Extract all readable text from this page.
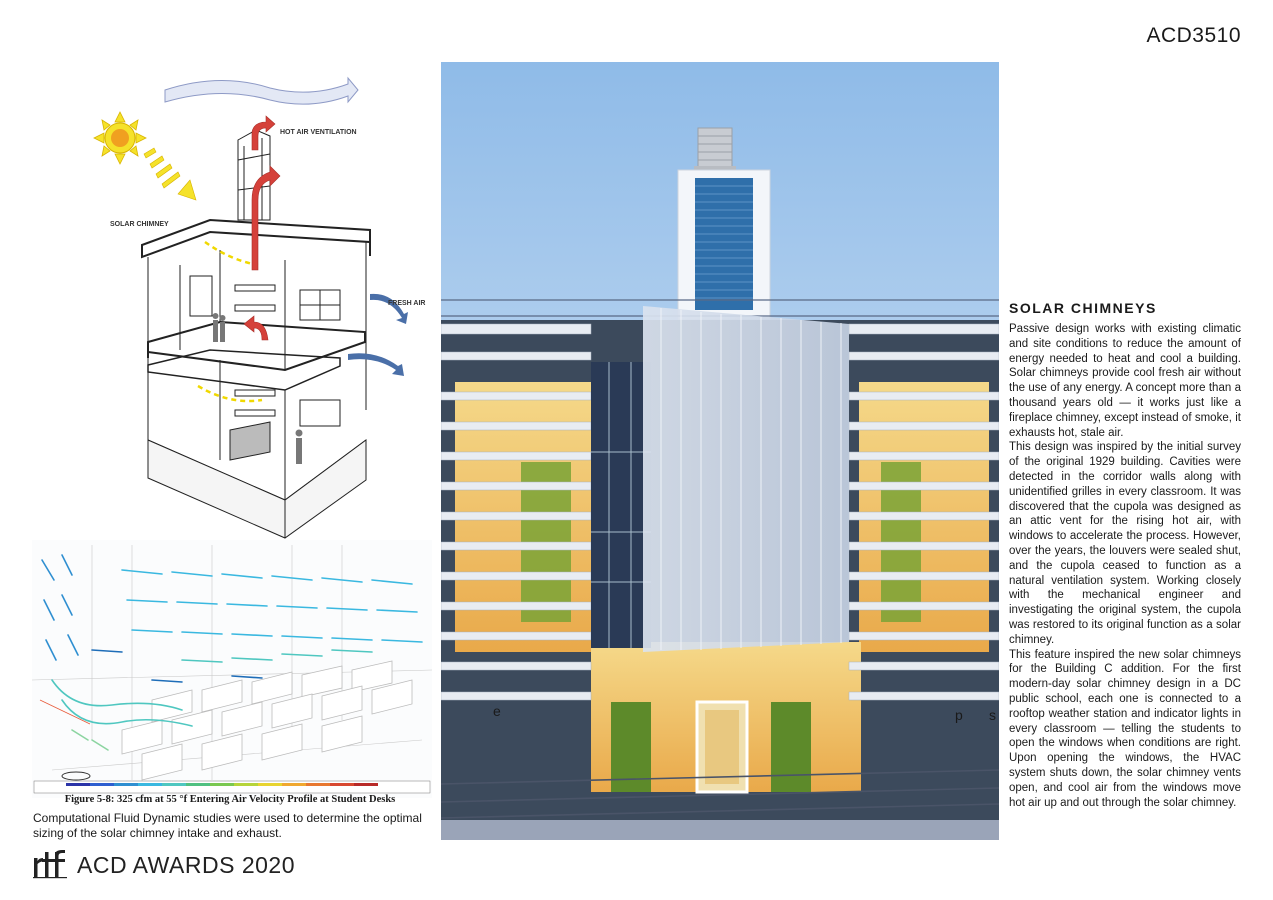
ACD3510
HOT AIR VENTILATION
SOLAR CHIMNEY
FRESH AIR
Figure 5-8: 325 cfm at 55 °f Entering Air Velocity Profile at Student Desks
Computational Fluid Dynamic studies were used to determine the optimal sizing of the solar chimney intake and exhaust.
ACD AWARDS 2020
e	p s
SOLAR CHIMNEYS

Passive design works with existing climatic and site conditions to reduce the amount of energy needed to heat and cool a building. Solar chimneys provide cool fresh air without the use of any energy. A concept more than a thousand years old — it works just like a fireplace chimney, except instead of smoke, it exhausts hot, stale air.

This design was inspired by the initial survey of the original 1929 building. Cavities were detected in the corridor walls along with unidentified grilles in every classroom. It was discovered that the cupola was designed as an attic vent for the rising hot air, with windows to accelerate the process. However, over the years, the louvers were sealed shut, and the cupola ceased to function as a natural ventilation system. Working closely with the mechanical engineer and investigating the original system, the cupola was restored to its original function as a solar chimney.

This feature inspired the new solar chimneys for the Building C addition. For the first modern-day solar chimney design in a DC public school, each one is connected to a rooftop weather station and indicator lights in every classroom — telling the students to open the windows when conditions are right. Upon opening the windows, the HVAC system shuts down, the solar chimney vents open, and cool air from the windows move hot air up and out through the solar chimney.
